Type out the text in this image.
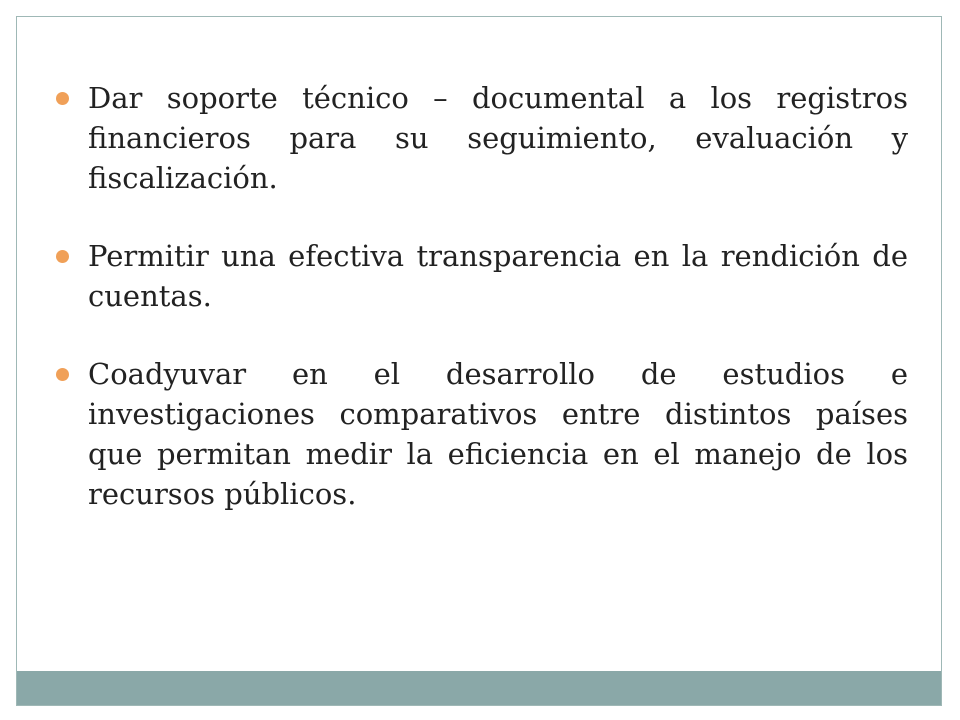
Dar soporte técnico – documental a los registros financieros para su seguimiento, evaluación y fiscalización.
Permitir una efectiva transparencia en la rendición de cuentas.
Coadyuvar en el desarrollo de estudios e investigaciones comparativos entre distintos países que permitan medir la eficiencia en el manejo de los recursos públicos.
